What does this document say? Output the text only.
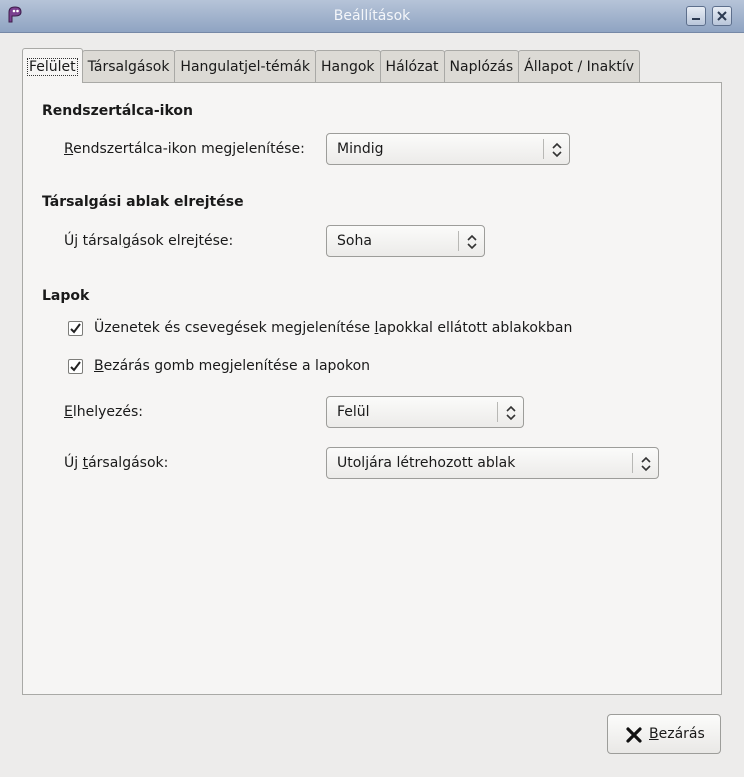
Beállítások
Felület Társalgások Hangulatjel-témák Hangok Hálózat Naplózás Állapot / Inaktív
Rendszertálca-ikon
Rendszertálca-ikon megjelenítése: Mindig
Társalgási ablak elrejtése
Új társalgások elrejtése:	Soha
Lapok
Üzenetek és csevegések megjelenítése lapokkal ellátott ablakokban
Bezárás gomb megjelenítése a lapokon
Elhelyezés:	Felül
Új társalgások:	Utoljára létrehozott ablak
Bezárás
